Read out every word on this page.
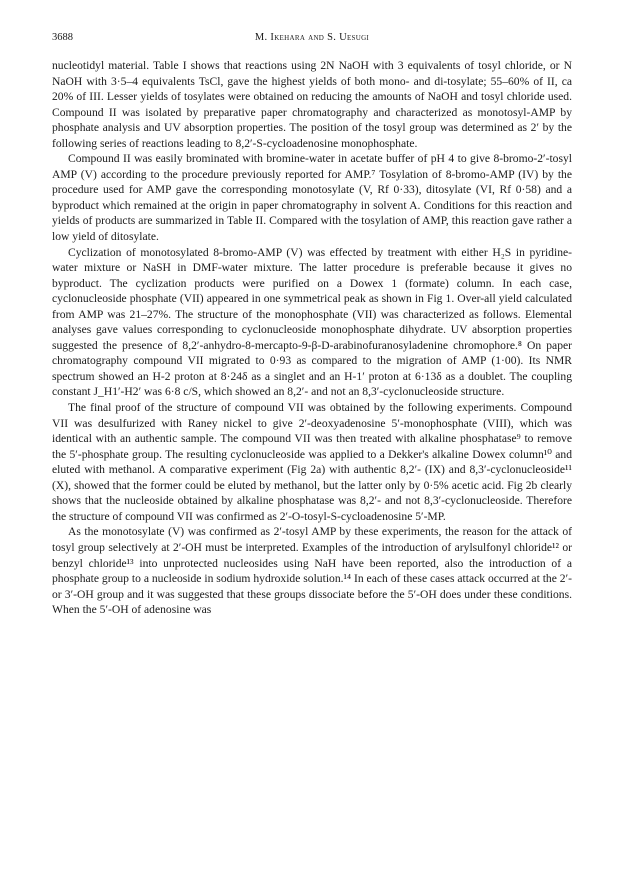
3688	M. Ikehara and S. Uesugi

nucleotidyl material. Table I shows that reactions using 2N NaOH with 3 equivalents of tosyl chloride, or N NaOH with 3·5–4 equivalents TsCl, gave the highest yields of both mono- and di-tosylate; 55–60% of II, ca 20% of III. Lesser yields of tosylates were obtained on reducing the amounts of NaOH and tosyl chloride used. Compound II was isolated by preparative paper chromatography and characterized as monotosyl-AMP by phosphate analysis and UV absorption properties. The position of the tosyl group was determined as 2′ by the following series of reactions leading to 8,2′-S-cycloadenosine monophosphate.

Compound II was easily brominated with bromine-water in acetate buffer of pH 4 to give 8-bromo-2′-tosyl AMP (V) according to the procedure previously reported for AMP.⁷ Tosylation of 8-bromo-AMP (IV) by the procedure used for AMP gave the corresponding monotosylate (V, Rf 0·33), ditosylate (VI, Rf 0·58) and a byproduct which remained at the origin in paper chromatography in solvent A. Conditions for this reaction and yields of products are summarized in Table II. Compared with the tosylation of AMP, this reaction gave rather a low yield of ditosylate.

Cyclization of monotosylated 8-bromo-AMP (V) was effected by treatment with either H₂S in pyridine-water mixture or NaSH in DMF-water mixture. The latter procedure is preferable because it gives no byproduct. The cyclization products were purified on a Dowex 1 (formate) column. In each case, cyclonucleoside phosphate (VII) appeared in one symmetrical peak as shown in Fig 1. Over-all yield calculated from AMP was 21–27%. The structure of the monophosphate (VII) was characterized as follows. Elemental analyses gave values corresponding to cyclonucleoside monophosphate dihydrate. UV absorption properties suggested the presence of 8,2′-anhydro-8-mercapto-9-β-D-arabinofuranosyladenine chromophore.⁸ On paper chromatography compound VII migrated to 0·93 as compared to the migration of AMP (1·00). Its NMR spectrum showed an H-2 proton at 8·24δ as a singlet and an H-1′ proton at 6·13δ as a doublet. The coupling constant J_H1′-H2′ was 6·8 c/S, which showed an 8,2′- and not an 8,3′-cyclonucleoside structure.

The final proof of the structure of compound VII was obtained by the following experiments. Compound VII was desulfurized with Raney nickel to give 2′-deoxyadenosine 5′-monophosphate (VIII), which was identical with an authentic sample. The compound VII was then treated with alkaline phosphatase⁹ to remove the 5′-phosphate group. The resulting cyclonucleoside was applied to a Dekker's alkaline Dowex column¹⁰ and eluted with methanol. A comparative experiment (Fig 2a) with authentic 8,2′- (IX) and 8,3′-cyclonucleoside¹¹ (X), showed that the former could be eluted by methanol, but the latter only by 0·5% acetic acid. Fig 2b clearly shows that the nucleoside obtained by alkaline phosphatase was 8,2′- and not 8,3′-cyclonucleoside. Therefore the structure of compound VII was confirmed as 2′-O-tosyl-S-cycloadenosine 5′-MP.

As the monotosylate (V) was confirmed as 2′-tosyl AMP by these experiments, the reason for the attack of tosyl group selectively at 2′-OH must be interpreted. Examples of the introduction of arylsulfonyl chloride¹² or benzyl chloride¹³ into unprotected nucleosides using NaH have been reported, also the introduction of a phosphate group to a nucleoside in sodium hydroxide solution.¹⁴ In each of these cases attack occurred at the 2′- or 3′-OH group and it was suggested that these groups dissociate before the 5′-OH does under these conditions. When the 5′-OH of adenosine was
